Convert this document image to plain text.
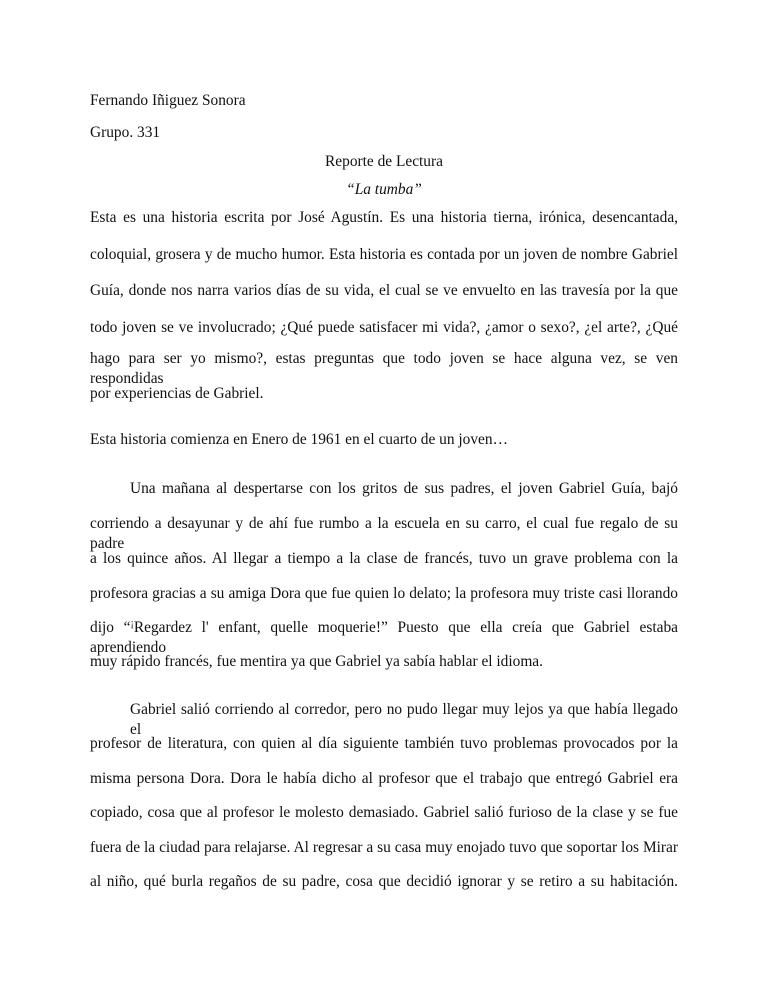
Fernando Iñiguez Sonora
Grupo. 331
Reporte de Lectura
“La tumba”
Esta es una historia escrita por José Agustín. Es una historia tierna, irónica, desencantada,
coloquial, grosera y de mucho humor. Esta historia es contada por un joven de nombre Gabriel
Guía, donde nos narra varios días de su vida, el cual se ve envuelto en las travesía por la que
todo joven se ve involucrado; ¿Qué puede satisfacer mi vida?, ¿amor o sexo?, ¿el arte?, ¿Qué
hago para ser yo mismo?, estas preguntas que todo joven se hace alguna vez, se ven respondidas
por experiencias de Gabriel.
Esta historia comienza en Enero de 1961 en el cuarto de un joven…
Una mañana al despertarse con los gritos de sus padres, el joven Gabriel Guía, bajó
corriendo a desayunar y de ahí fue rumbo a la escuela en su carro, el cual fue regalo de su padre
a los quince años. Al llegar a tiempo a la clase de francés, tuvo un grave problema con la
profesora gracias a su amiga Dora que fue quien lo delato; la profesora muy triste casi llorando
dijo “¡Regardez l' enfant, quelle moquerie!” Puesto que ella creía que Gabriel estaba aprendiendo
muy rápido francés, fue mentira ya que Gabriel ya sabía hablar el idioma.
Gabriel salió corriendo al corredor, pero no pudo llegar muy lejos ya que había llegado el
profesor de literatura, con quien al día siguiente también tuvo problemas provocados por la
misma persona Dora. Dora le había dicho al profesor que el trabajo que entregó Gabriel era
copiado, cosa que al profesor le molesto demasiado. Gabriel salió furioso de la clase y se fue
fuera de la ciudad para relajarse. Al regresar a su casa muy enojado tuvo que soportar los Mirar
al niño, qué burla regaños de su padre, cosa que decidió ignorar y se retiro a su habitación.
